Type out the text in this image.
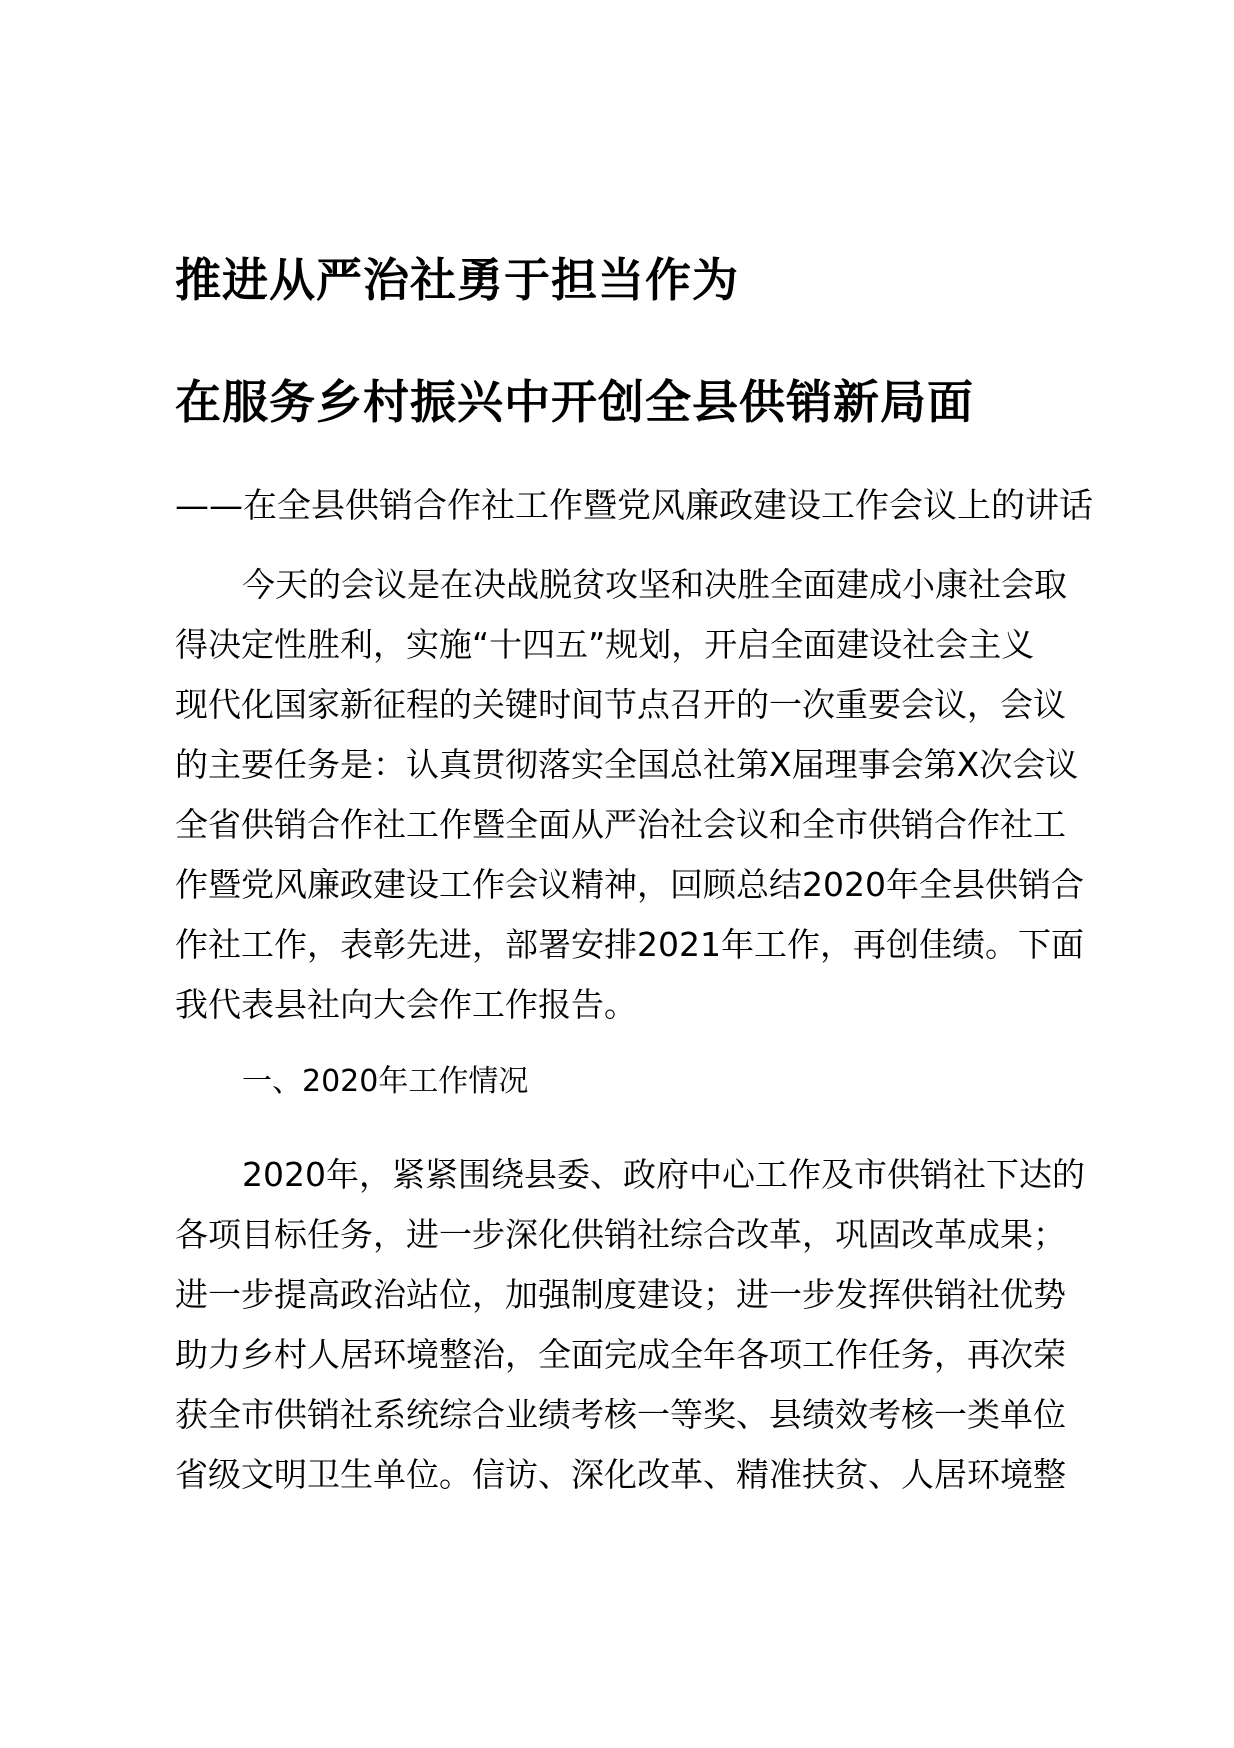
推进从严治社勇于担当作为
在服务乡村振兴中开创全县供销新局面

——在全县供销合作社工作暨党风廉政建设工作会议上的讲话

今天的会议是在决战脱贫攻坚和决胜全面建成小康社会取
得决定性胜利，实施“十四五”规划，开启全面建设社会主义
现代化国家新征程的关键时间节点召开的一次重要会议，会议
的主要任务是：认真贯彻落实全国总社第X届理事会第X次会议
全省供销合作社工作暨全面从严治社会议和全市供销合作社工
作暨党风廉政建设工作会议精神，回顾总结2020年全县供销合
作社工作，表彰先进，部署安排2021年工作，再创佳绩。下面
我代表县社向大会作工作报告。

一、2020年工作情况

2020年，紧紧围绕县委、政府中心工作及市供销社下达的
各项目标任务，进一步深化供销社综合改革，巩固改革成果；
进一步提高政治站位，加强制度建设；进一步发挥供销社优势
助力乡村人居环境整治，全面完成全年各项工作任务，再次荣
获全市供销社系统综合业绩考核一等奖、县绩效考核一类单位
省级文明卫生单位。信访、深化改革、精准扶贫、人居环境整
